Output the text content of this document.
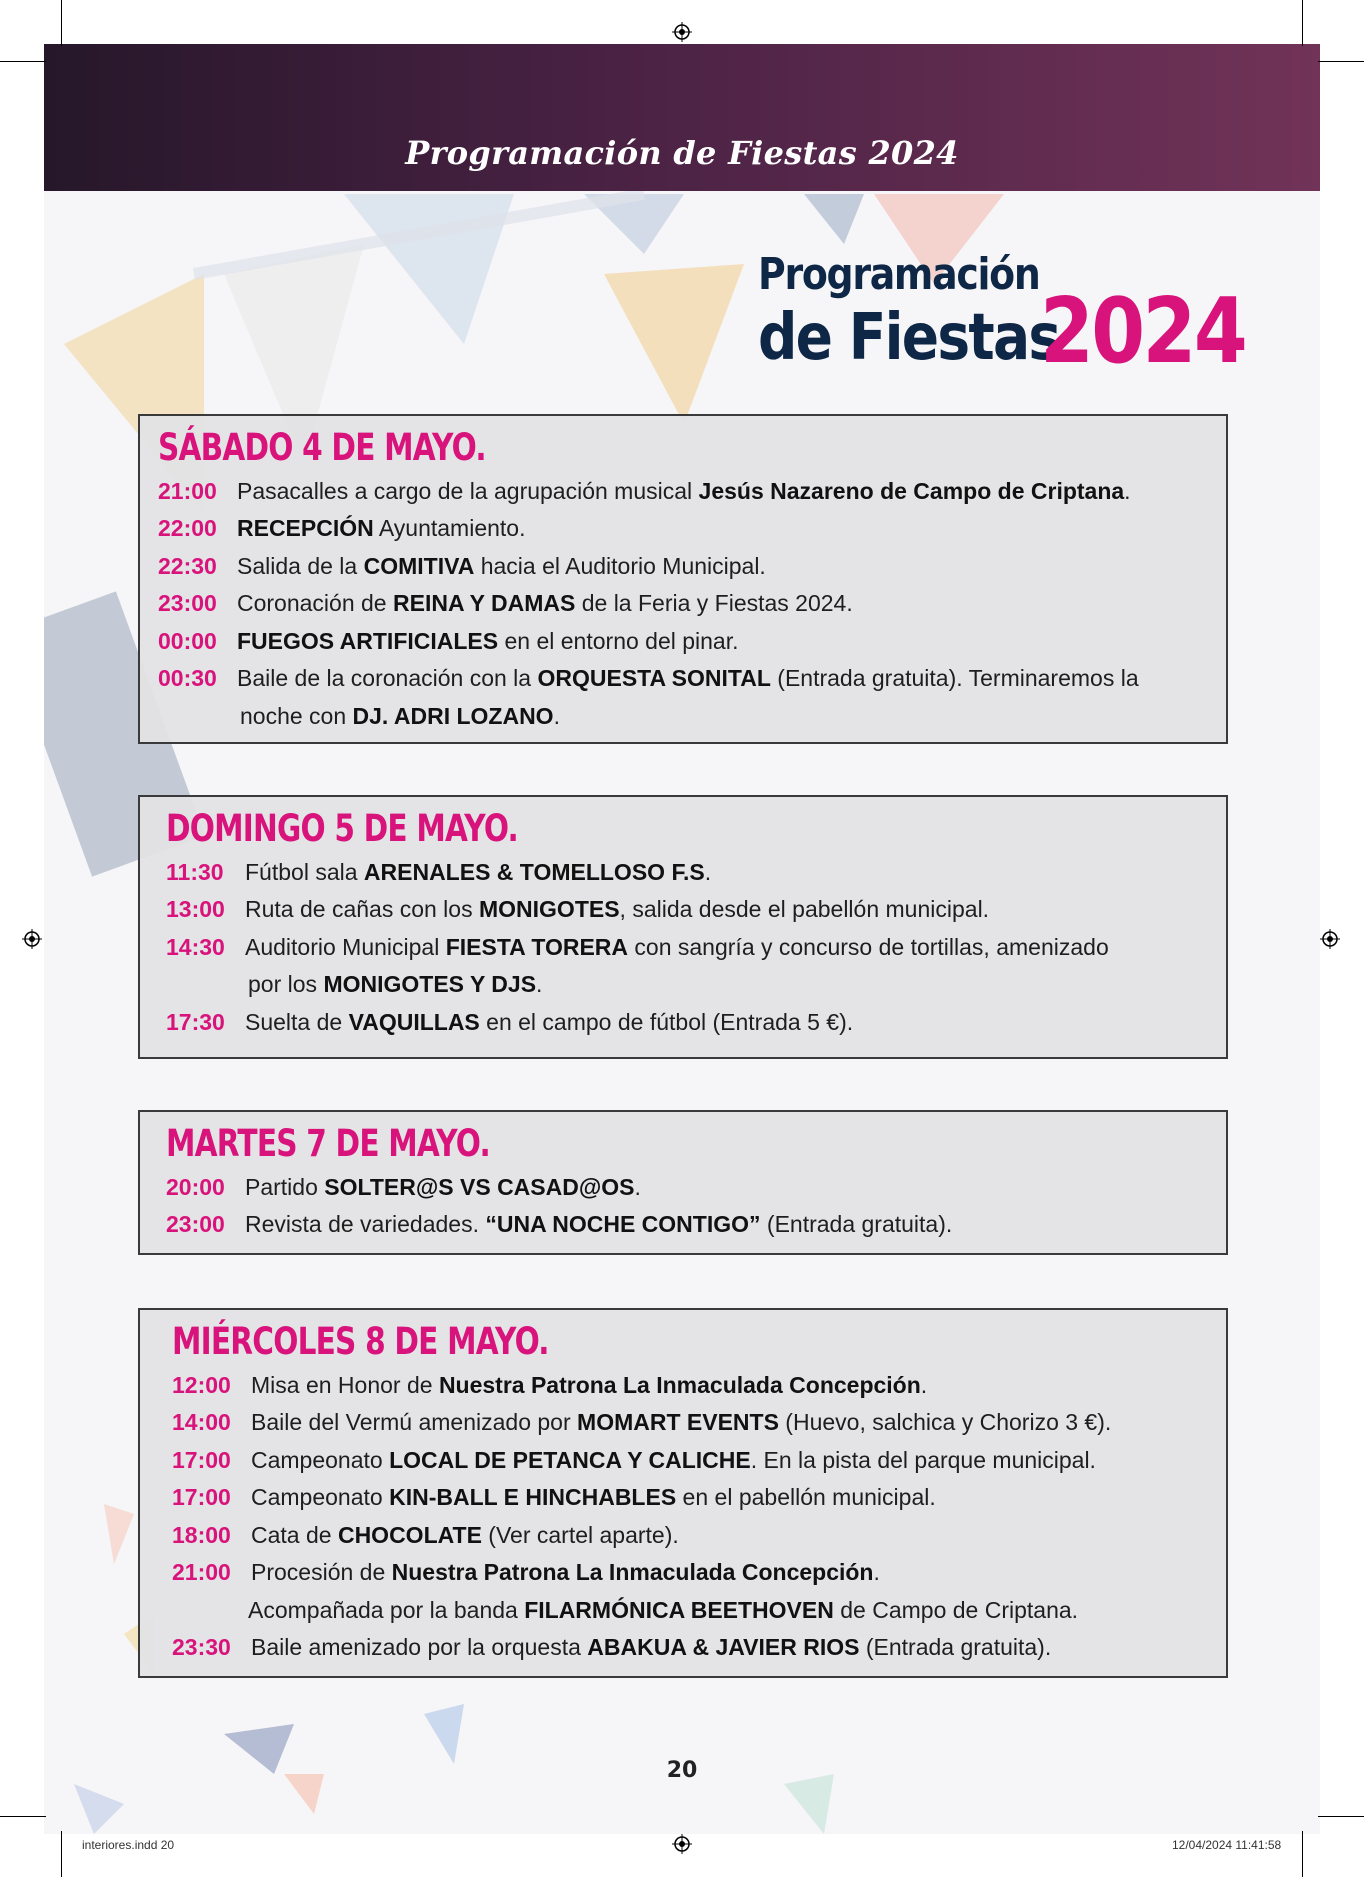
Programación de Fiestas 2024
Programación
de Fiestas
2024
SÁBADO 4 DE MAYO.
21:00 Pasacalles a cargo de la agrupación musical Jesús Nazareno de Campo de Criptana.
22:00 RECEPCIÓN Ayuntamiento.
22:30 Salida de la COMITIVA hacia el Auditorio Municipal.
23:00 Coronación de REINA Y DAMAS de la Feria y Fiestas 2024.
00:00 FUEGOS ARTIFICIALES en el entorno del pinar.
00:30 Baile de la coronación con la ORQUESTA SONITAL (Entrada gratuita). Terminaremos la
noche con DJ. ADRI LOZANO.
DOMINGO 5 DE MAYO.
11:30 Fútbol sala ARENALES & TOMELLOSO F.S.
13:00 Ruta de cañas con los MONIGOTES, salida desde el pabellón municipal.
14:30 Auditorio Municipal FIESTA TORERA con sangría y concurso de tortillas, amenizado
por los MONIGOTES Y DJS.
17:30 Suelta de VAQUILLAS en el campo de fútbol (Entrada 5 €).
MARTES 7 DE MAYO.
20:00 Partido SOLTER@S VS CASAD@OS.
23:00 Revista de variedades. “UNA NOCHE CONTIGO” (Entrada gratuita).
MIÉRCOLES 8 DE MAYO.
12:00 Misa en Honor de Nuestra Patrona La Inmaculada Concepción.
14:00 Baile del Vermú amenizado por MOMART EVENTS (Huevo, salchica y Chorizo 3 €).
17:00 Campeonato LOCAL DE PETANCA Y CALICHE. En la pista del parque municipal.
17:00 Campeonato KIN-BALL E HINCHABLES en el pabellón municipal.
18:00 Cata de CHOCOLATE (Ver cartel aparte).
21:00 Procesión de Nuestra Patrona La Inmaculada Concepción.
Acompañada por la banda FILARMÓNICA BEETHOVEN de Campo de Criptana.
23:30 Baile amenizado por la orquesta ABAKUA & JAVIER RIOS (Entrada gratuita).
20
interiores.indd 20	12/04/2024 11:41:58
